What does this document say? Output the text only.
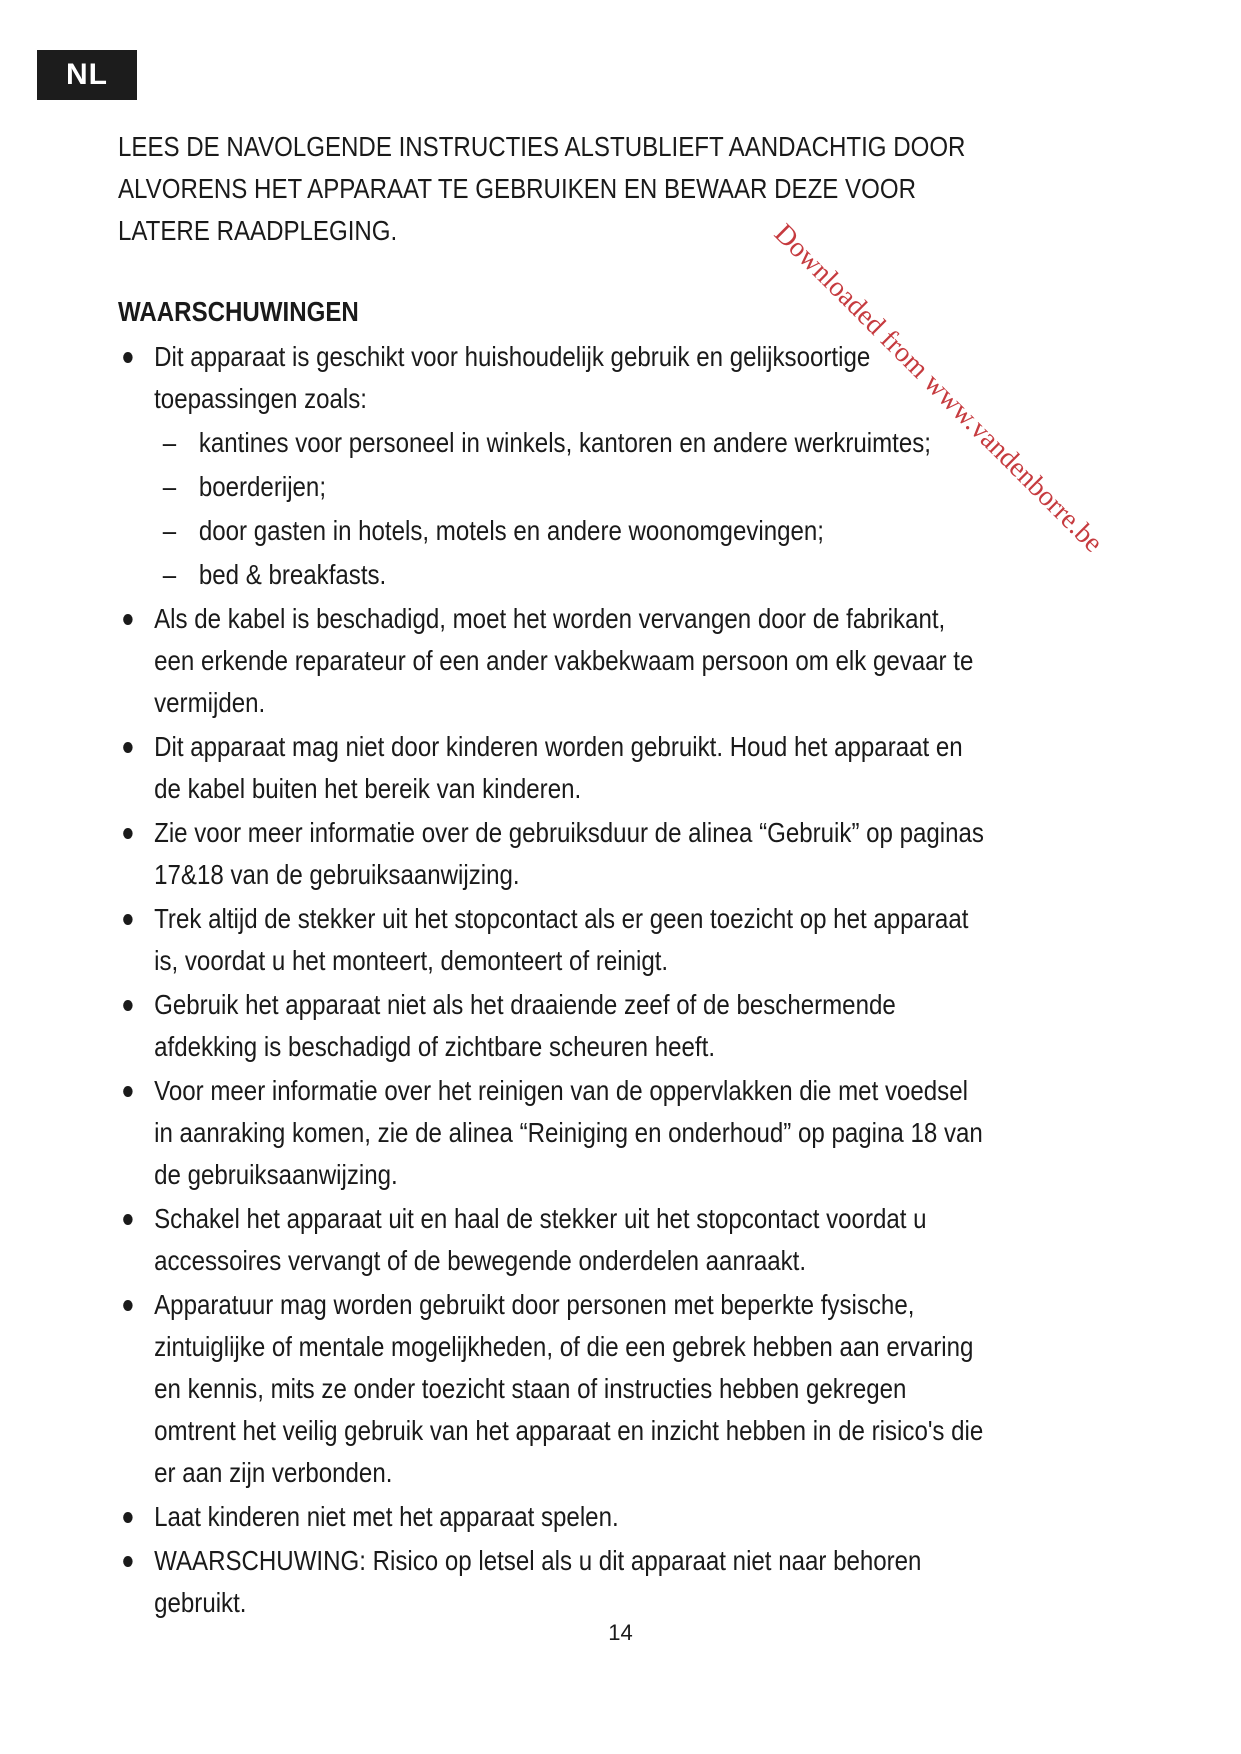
NL

LEES DE NAVOLGENDE INSTRUCTIES ALSTUBLIEFT AANDACHTIG DOOR ALVORENS HET APPARAAT TE GEBRUIKEN EN BEWAAR DEZE VOOR LATERE RAADPLEGING.

WAARSCHUWINGEN
Dit apparaat is geschikt voor huishoudelijk gebruik en gelijksoortige toepassingen zoals:
– kantines voor personeel in winkels, kantoren en andere werkruimtes;
– boerderijen;
– door gasten in hotels, motels en andere woonomgevingen;
– bed & breakfasts.
Als de kabel is beschadigd, moet het worden vervangen door de fabrikant, een erkende reparateur of een ander vakbekwaam persoon om elk gevaar te vermijden.
Dit apparaat mag niet door kinderen worden gebruikt. Houd het apparaat en de kabel buiten het bereik van kinderen.
Zie voor meer informatie over de gebruiksduur de alinea “Gebruik” op paginas 17&18 van de gebruiksaanwijzing.
Trek altijd de stekker uit het stopcontact als er geen toezicht op het apparaat is, voordat u het monteert, demonteert of reinigt.
Gebruik het apparaat niet als het draaiende zeef of de beschermende afdekking is beschadigd of zichtbare scheuren heeft.
Voor meer informatie over het reinigen van de oppervlakken die met voedsel in aanraking komen, zie de alinea “Reiniging en onderhoud” op pagina 18 van de gebruiksaanwijzing.
Schakel het apparaat uit en haal de stekker uit het stopcontact voordat u accessoires vervangt of de bewegende onderdelen aanraakt.
Apparatuur mag worden gebruikt door personen met beperkte fysische, zintuiglijke of mentale mogelijkheden, of die een gebrek hebben aan ervaring en kennis, mits ze onder toezicht staan of instructies hebben gekregen omtrent het veilig gebruik van het apparaat en inzicht hebben in de risico's die er aan zijn verbonden.
Laat kinderen niet met het apparaat spelen.
WAARSCHUWING: Risico op letsel als u dit apparaat niet naar behoren gebruikt.
14
Downloaded from www.vandenborre.be
